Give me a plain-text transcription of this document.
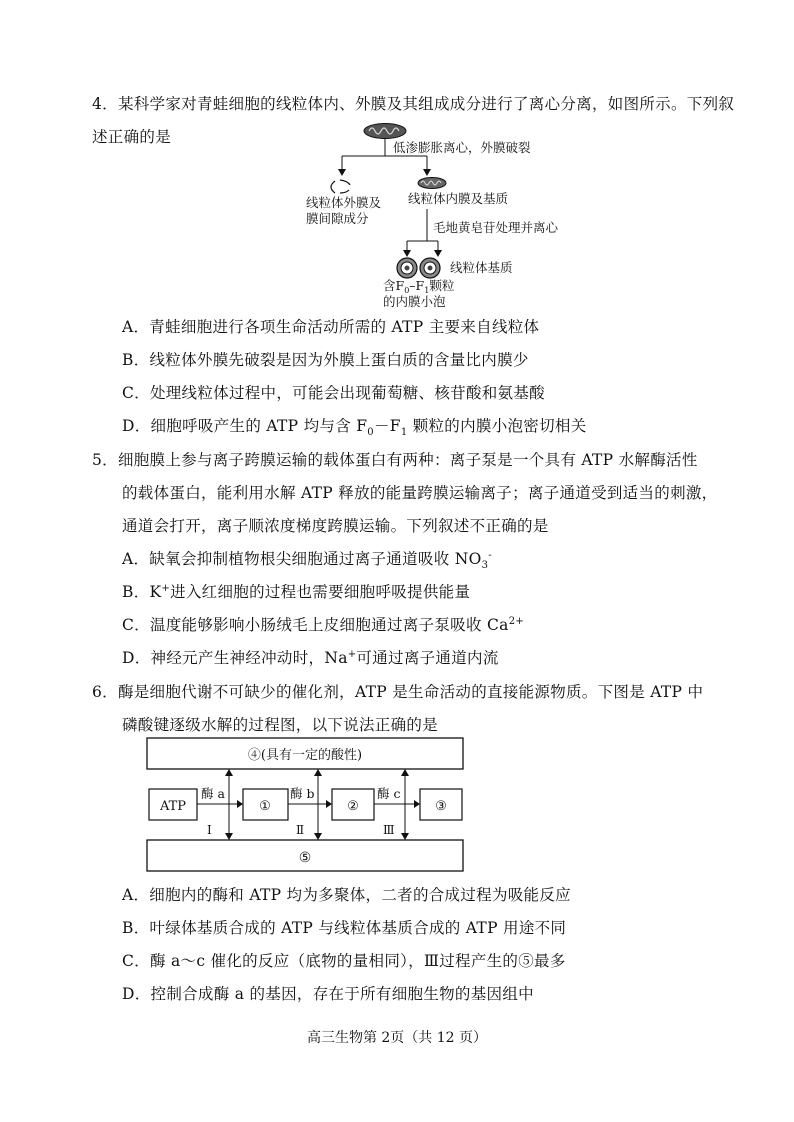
4．某科学家对青蛙细胞的线粒体内、外膜及其组成成分进行了离心分离，如图所示。下列叙
述正确的是
低渗膨胀离心，外膜破裂
线粒体外膜及
膜间隙成分
线粒体内膜及基质
毛地黄皂苷处理并离心
线粒体基质
含$F_0-F_1$颗粒
的内膜小泡
A．青蛙细胞进行各项生命活动所需的 ATP 主要来自线粒体
B．线粒体外膜先破裂是因为外膜上蛋白质的含量比内膜少
C．处理线粒体过程中，可能会出现葡萄糖、核苷酸和氨基酸
D．细胞呼吸产生的 ATP 均与含 $F_0-F_1$ 颗粒的内膜小泡密切相关
5．细胞膜上参与离子跨膜运输的载体蛋白有两种：离子泵是一个具有 ATP 水解酶活性
的载体蛋白，能利用水解 ATP 释放的能量跨膜运输离子；离子通道受到适当的刺激，
通道会打开，离子顺浓度梯度跨膜运输。下列叙述不正确的是
A．缺氧会抑制植物根尖细胞通过离子通道吸收 $NO_3^-$
B．K+进入红细胞的过程也需要细胞呼吸提供能量
C．温度能够影响小肠绒毛上皮细胞通过离子泵吸收 $Ca^{2+}$
D．神经元产生神经冲动时，Na+可通过离子通道内流
6．酶是细胞代谢不可缺少的催化剂，ATP 是生命活动的直接能源物质。下图是 ATP 中
磷酸键逐级水解的过程图，以下说法正确的是
④(具有一定的酸性)
⑤
ATP	①	②	③
酶 a	酶 b	酶 c
Ⅰ	Ⅱ	Ⅲ
A．细胞内的酶和 ATP 均为多聚体，二者的合成过程为吸能反应
B．叶绿体基质合成的 ATP 与线粒体基质合成的 ATP 用途不同
C．酶 a～c 催化的反应（底物的量相同），Ⅲ过程产生的⑤最多
D．控制合成酶 a 的基因，存在于所有细胞生物的基因组中
高三生物第 2页（共 12 页）
